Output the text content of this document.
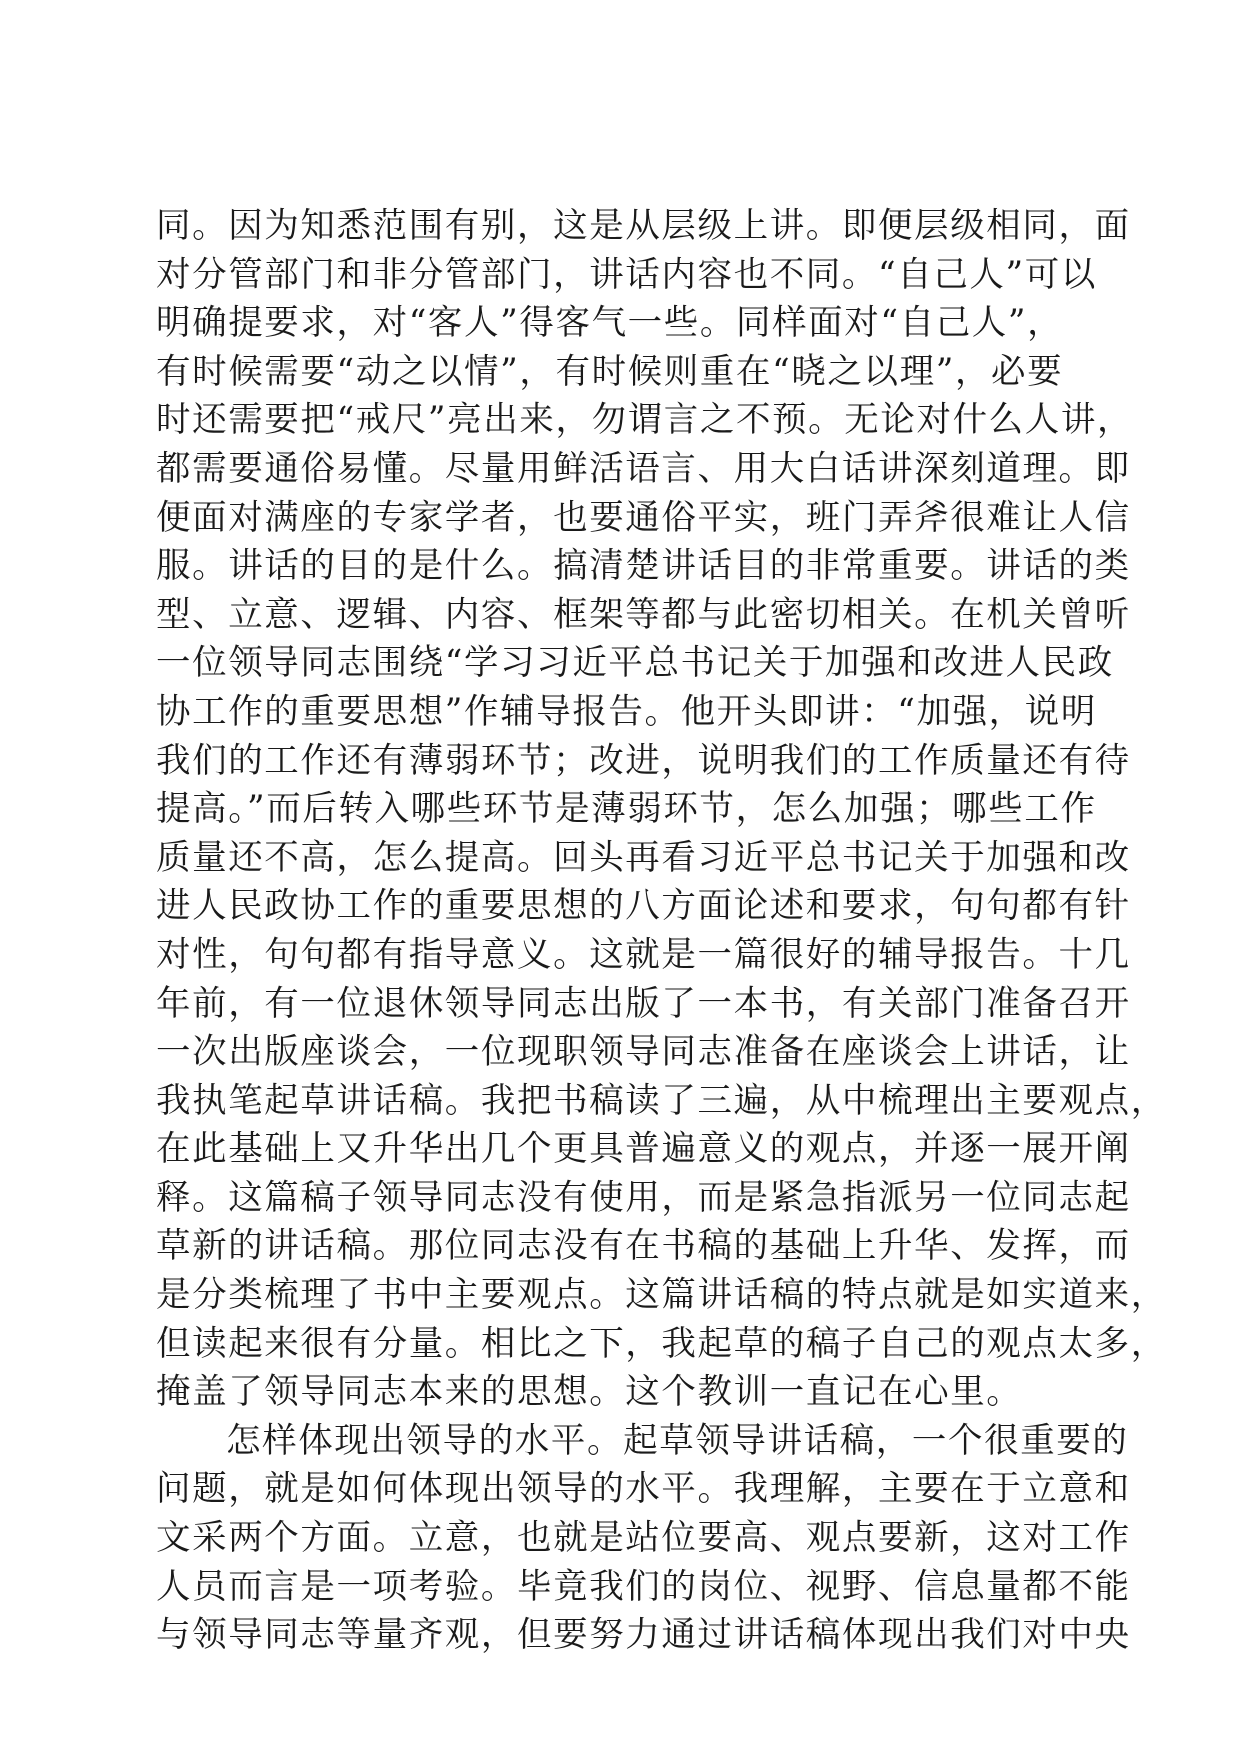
同。因为知悉范围有别，这是从层级上讲。即便层级相同，面
对分管部门和非分管部门，讲话内容也不同。“自己人”可以
明确提要求，对“客人”得客气一些。同样面对“自己人”，
有时候需要“动之以情”，有时候则重在“晓之以理”，必要
时还需要把“戒尺”亮出来，勿谓言之不预。无论对什么人讲，
都需要通俗易懂。尽量用鲜活语言、用大白话讲深刻道理。即
便面对满座的专家学者，也要通俗平实，班门弄斧很难让人信
服。讲话的目的是什么。搞清楚讲话目的非常重要。讲话的类
型、立意、逻辑、内容、框架等都与此密切相关。在机关曾听
一位领导同志围绕“学习习近平总书记关于加强和改进人民政
协工作的重要思想”作辅导报告。他开头即讲：“加强，说明
我们的工作还有薄弱环节；改进，说明我们的工作质量还有待
提高。”而后转入哪些环节是薄弱环节，怎么加强；哪些工作
质量还不高，怎么提高。回头再看习近平总书记关于加强和改
进人民政协工作的重要思想的八方面论述和要求，句句都有针
对性，句句都有指导意义。这就是一篇很好的辅导报告。十几
年前，有一位退休领导同志出版了一本书，有关部门准备召开
一次出版座谈会，一位现职领导同志准备在座谈会上讲话，让
我执笔起草讲话稿。我把书稿读了三遍，从中梳理出主要观点，
在此基础上又升华出几个更具普遍意义的观点，并逐一展开阐
释。这篇稿子领导同志没有使用，而是紧急指派另一位同志起
草新的讲话稿。那位同志没有在书稿的基础上升华、发挥，而
是分类梳理了书中主要观点。这篇讲话稿的特点就是如实道来，
但读起来很有分量。相比之下，我起草的稿子自己的观点太多，
掩盖了领导同志本来的思想。这个教训一直记在心里。
怎样体现出领导的水平。起草领导讲话稿，一个很重要的
问题，就是如何体现出领导的水平。我理解，主要在于立意和
文采两个方面。立意，也就是站位要高、观点要新，这对工作
人员而言是一项考验。毕竟我们的岗位、视野、信息量都不能
与领导同志等量齐观，但要努力通过讲话稿体现出我们对中央
